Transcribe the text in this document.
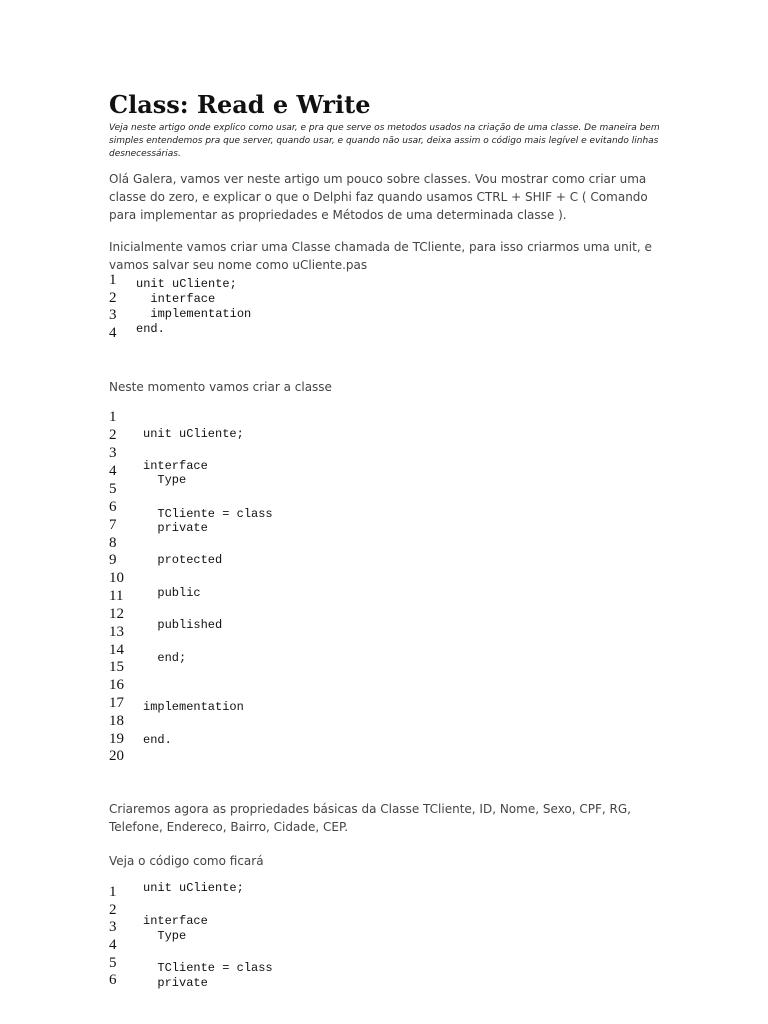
Class: Read e Write

Veja neste artigo onde explico como usar, e pra que serve os metodos usados na criação de uma classe. De maneira bem simples entendemos pra que server, quando usar, e quando não usar, deixa assim o código mais legível e evitando linhas desnecessárias.

Olá Galera, vamos ver neste artigo um pouco sobre classes. Vou mostrar como criar uma classe do zero, e explicar o que o Delphi faz quando usamos CTRL + SHIF + C ( Comando para implementar as propriedades e Métodos de uma determinada classe ).

Inicialmente vamos criar uma Classe chamada de TCliente, para isso criarmos uma unit, e vamos salvar seu nome como uCliente.pas

1
2
3
4
unit uCliente;
interface
implementation
end.

Neste momento vamos criar a classe

1
2
3
4
5
6
7
8
9
10
11
12
13
14
15
16
17
18
19
20
unit uCliente;
interface
Type
TCliente = class
private
protected
public
published
end;
implementation
end.

Criaremos agora as propriedades básicas da Classe TCliente, ID, Nome, Sexo, CPF, RG, Telefone, Endereco, Bairro, Cidade, CEP.

Veja o código como ficará

1
2
3
4
5
6
unit uCliente;
interface
Type
TCliente = class
private
